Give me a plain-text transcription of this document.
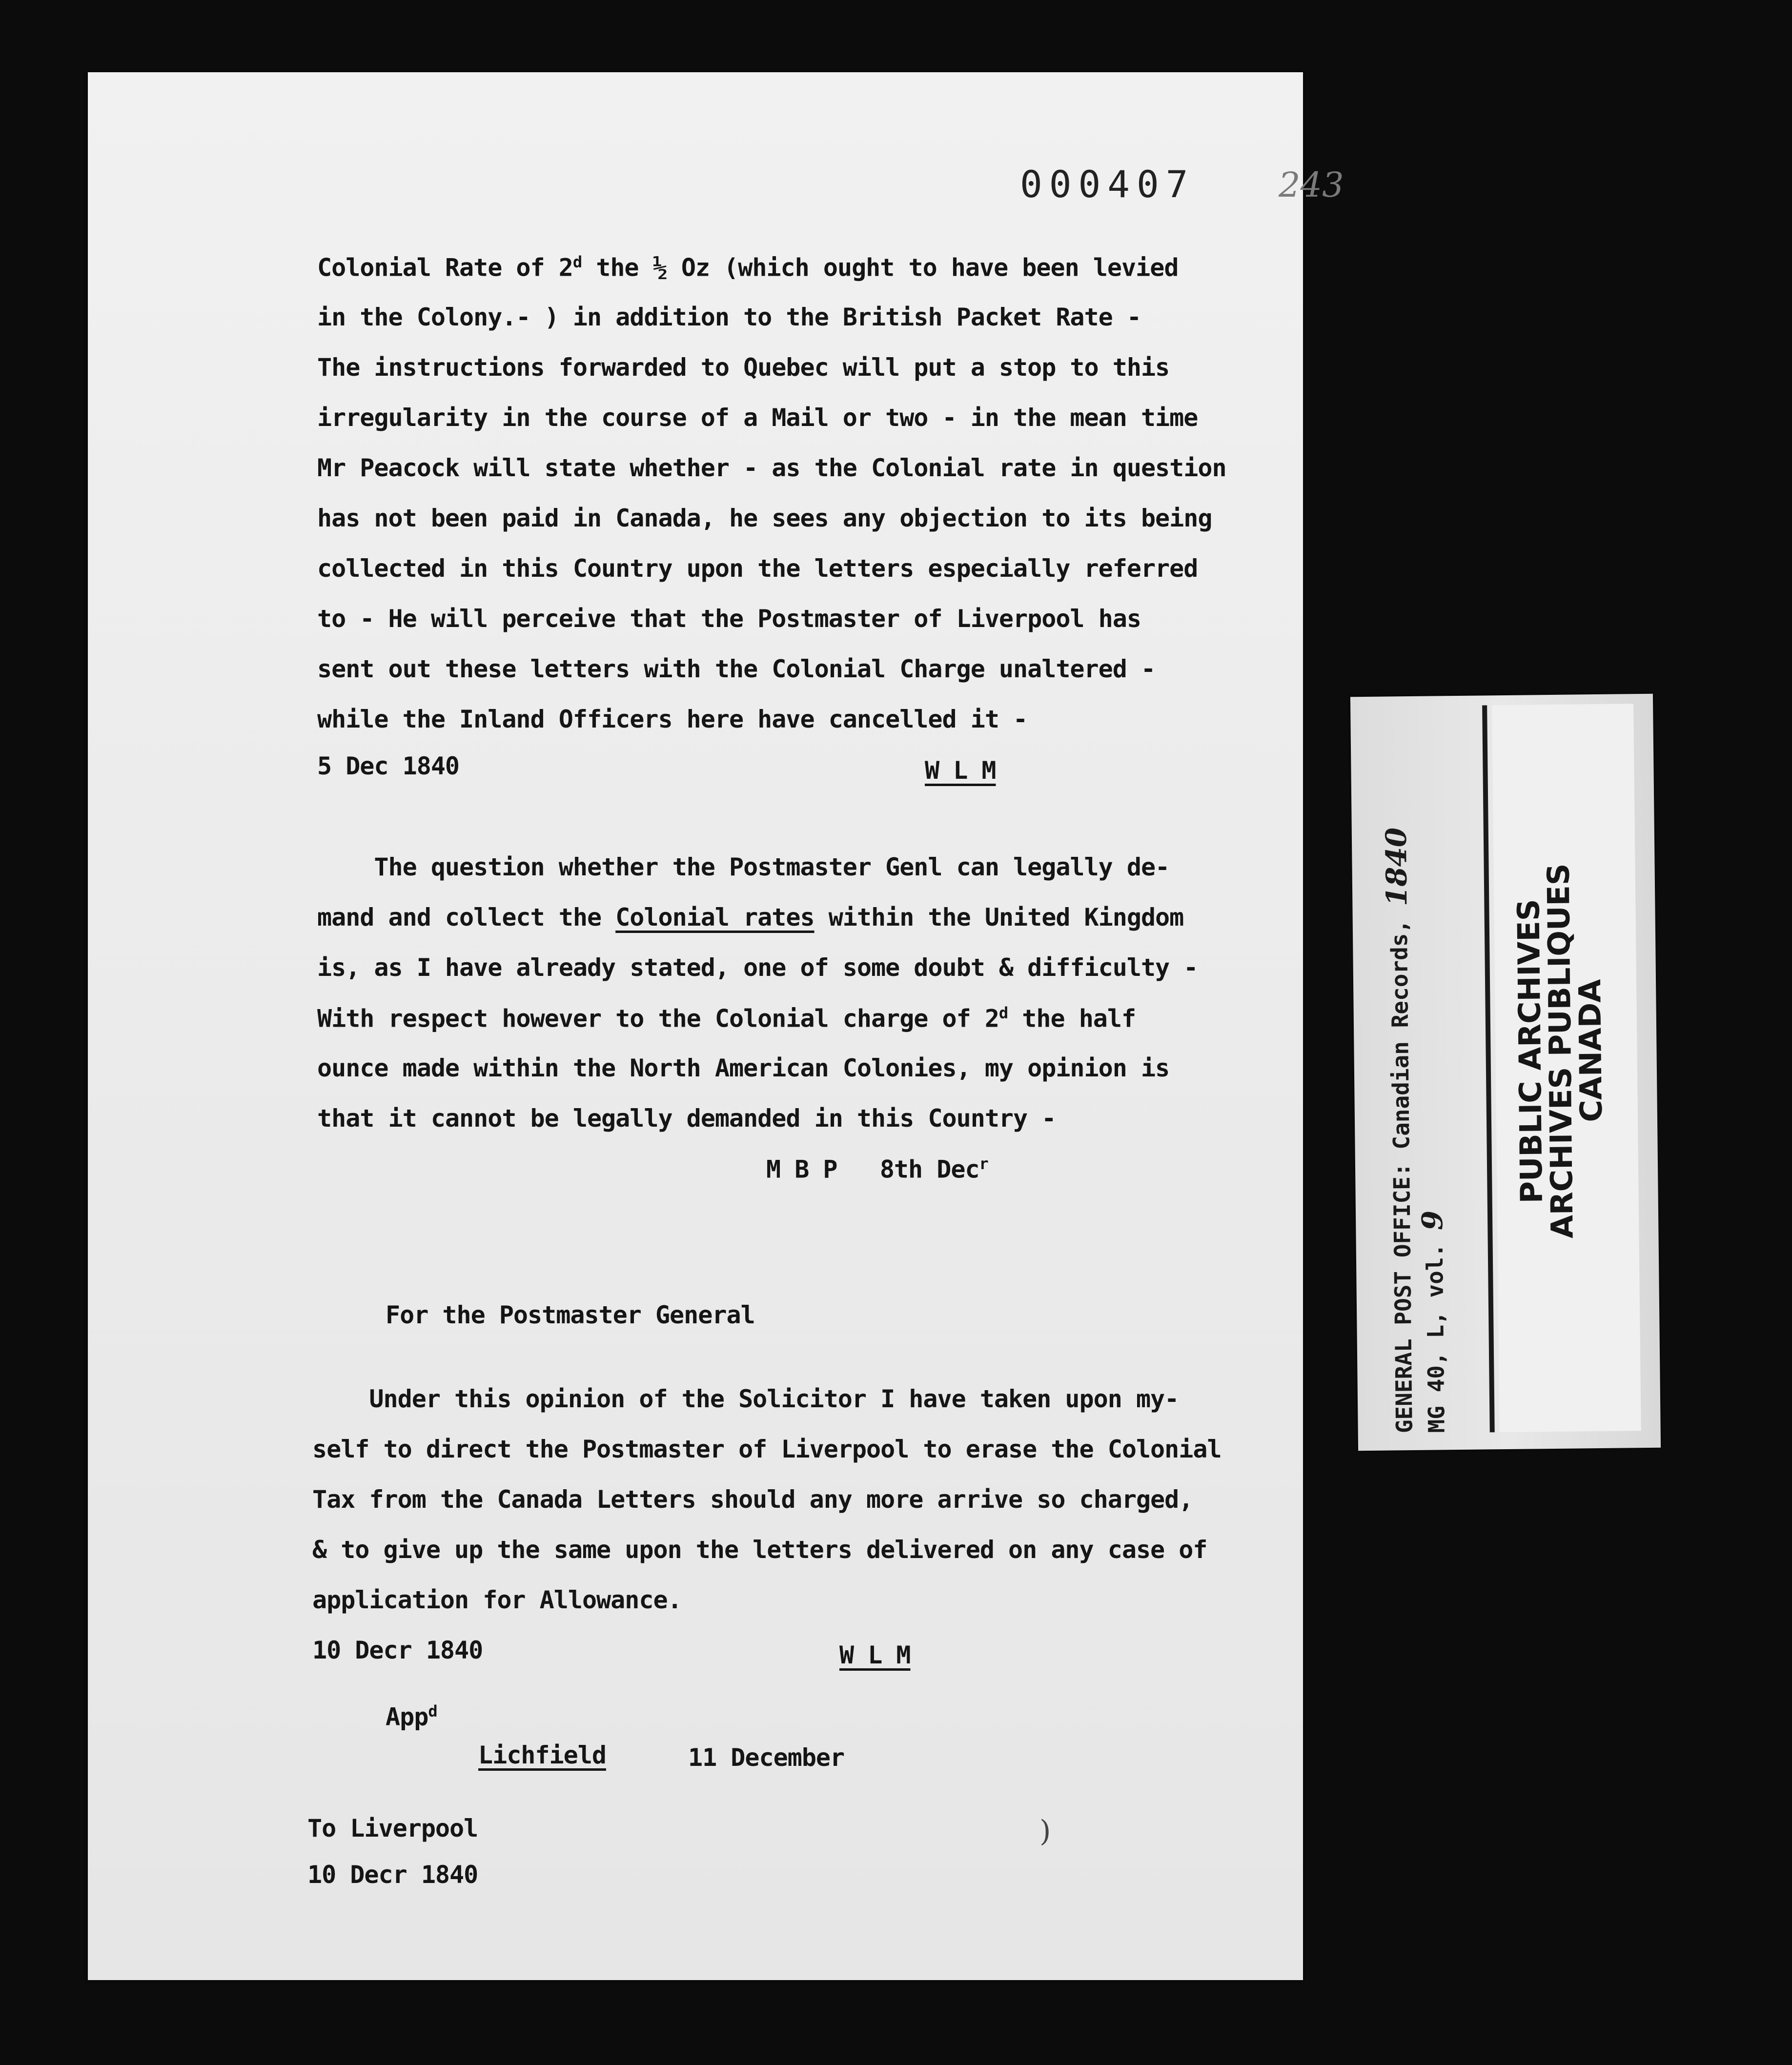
000407 243
Colonial Rate of 2$^d$ the ½ Oz (which ought to have been levied
in the Colony.- ) in addition to the British Packet Rate -
The instructions forwarded to Quebec will put a stop to this
irregularity in the course of a Mail or two - in the mean time
Mr Peacock will state whether - as the Colonial rate in question
has not been paid in Canada, he sees any objection to its being
collected in this Country upon the letters especially referred
to - He will perceive that the Postmaster of Liverpool has
sent out these letters with the Colonial Charge unaltered -
while the Inland Officers here have cancelled it -
5 Dec 1840	W L M
The question whether the Postmaster Genl can legally de-
mand and collect the Colonial rates within the United Kingdom
is, as I have already stated, one of some doubt & difficulty -
With respect however to the Colonial charge of 2$^d$ the half
ounce made within the North American Colonies, my opinion is
that it cannot be legally demanded in this Country -
M B P 8th Dec$^r$
For the Postmaster General
Under this opinion of the Solicitor I have taken upon my-
self to direct the Postmaster of Liverpool to erase the Colonial
Tax from the Canada Letters should any more arrive so charged,
& to give up the same upon the letters delivered on any case of
application for Allowance.
10 Decr 1840	W L M
App$^d$
Lichfield	11 December
To Liverpool
10 Decr 1840
)
GENERAL POST OFFICE: Canadian Records, 1840
MG 40, L, vol. 9
PUBLIC ARCHIVES
ARCHIVES PUBLIQUES
CANADA
